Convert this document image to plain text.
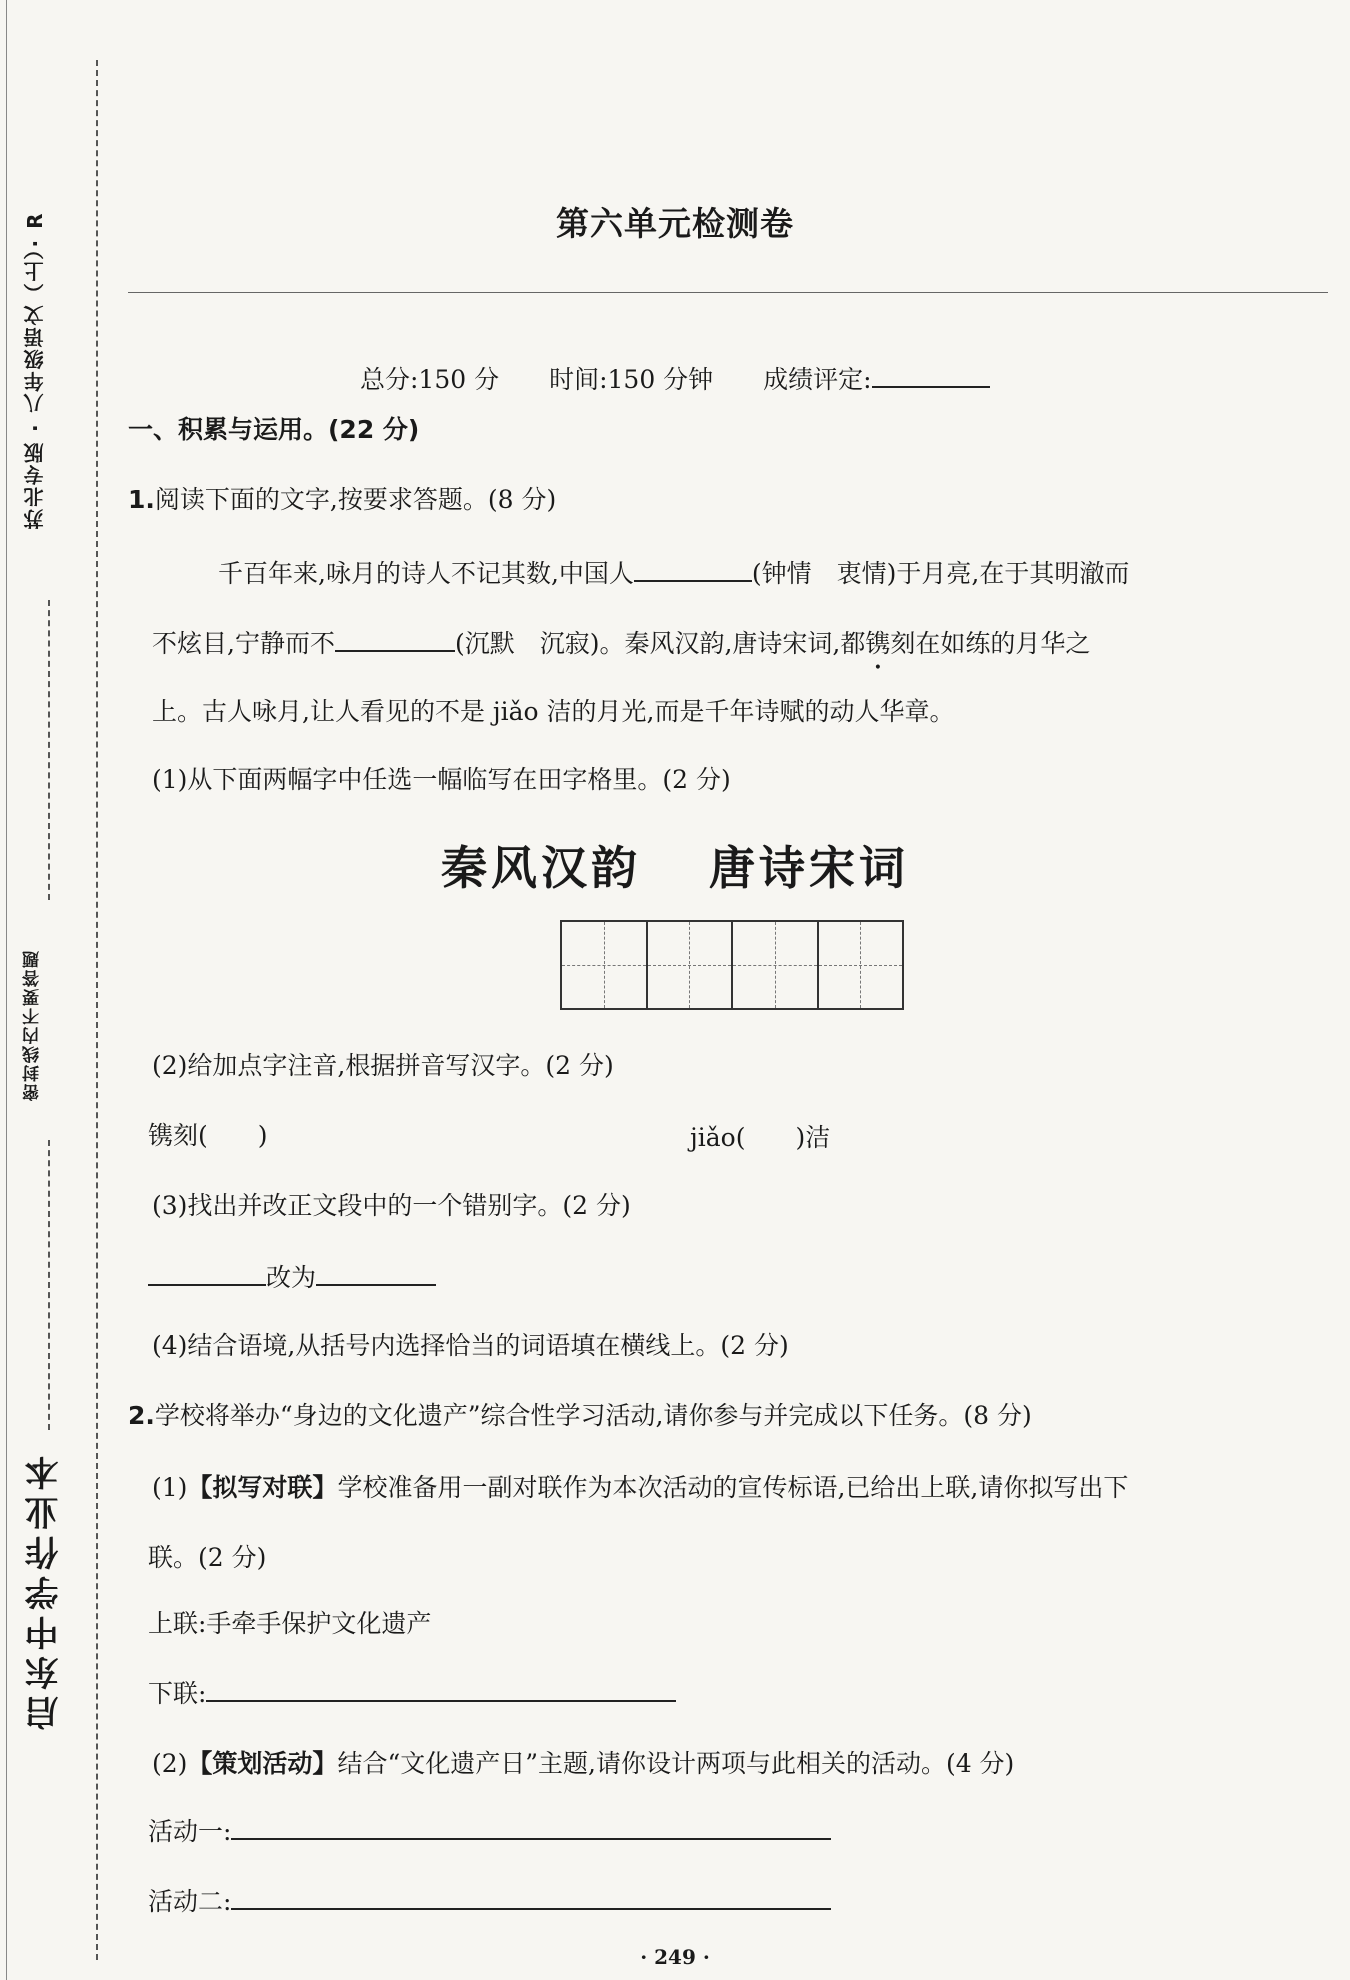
苏北专版 · 八年级语文（上）· R
密封线内不要答题
启东中学作业本
第六单元检测卷
总分:150 分　　时间:150 分钟　　成绩评定:
一、积累与运用。(22 分)
1.阅读下面的文字,按要求答题。(8 分)
千百年来,咏月的诗人不记其数,中国人	(钟情　衷情)于月亮,在于其明澈而
不炫目,宁静而不	(沉默　沉寂)。秦风汉韵,唐诗宋词,都镌刻在如练的月华之
上。古人咏月,让人看见的不是 jiǎo 洁的月光,而是千年诗赋的动人华章。
(1)从下面两幅字中任选一幅临写在田字格里。(2 分)
秦风汉韵 唐诗宋词
(2)给加点字注音,根据拼音写汉字。(2 分)
镌刻(　　)	jiǎo(　　)洁
(3)找出并改正文段中的一个错别字。(2 分)
改为
(4)结合语境,从括号内选择恰当的词语填在横线上。(2 分)
2.学校将举办“身边的文化遗产”综合性学习活动,请你参与并完成以下任务。(8 分)
(1)【拟写对联】学校准备用一副对联作为本次活动的宣传标语,已给出上联,请你拟写出下
联。(2 分)
上联:手牵手保护文化遗产
下联:
(2)【策划活动】结合“文化遗产日”主题,请你设计两项与此相关的活动。(4 分)
活动一:
活动二:
· 249 ·
